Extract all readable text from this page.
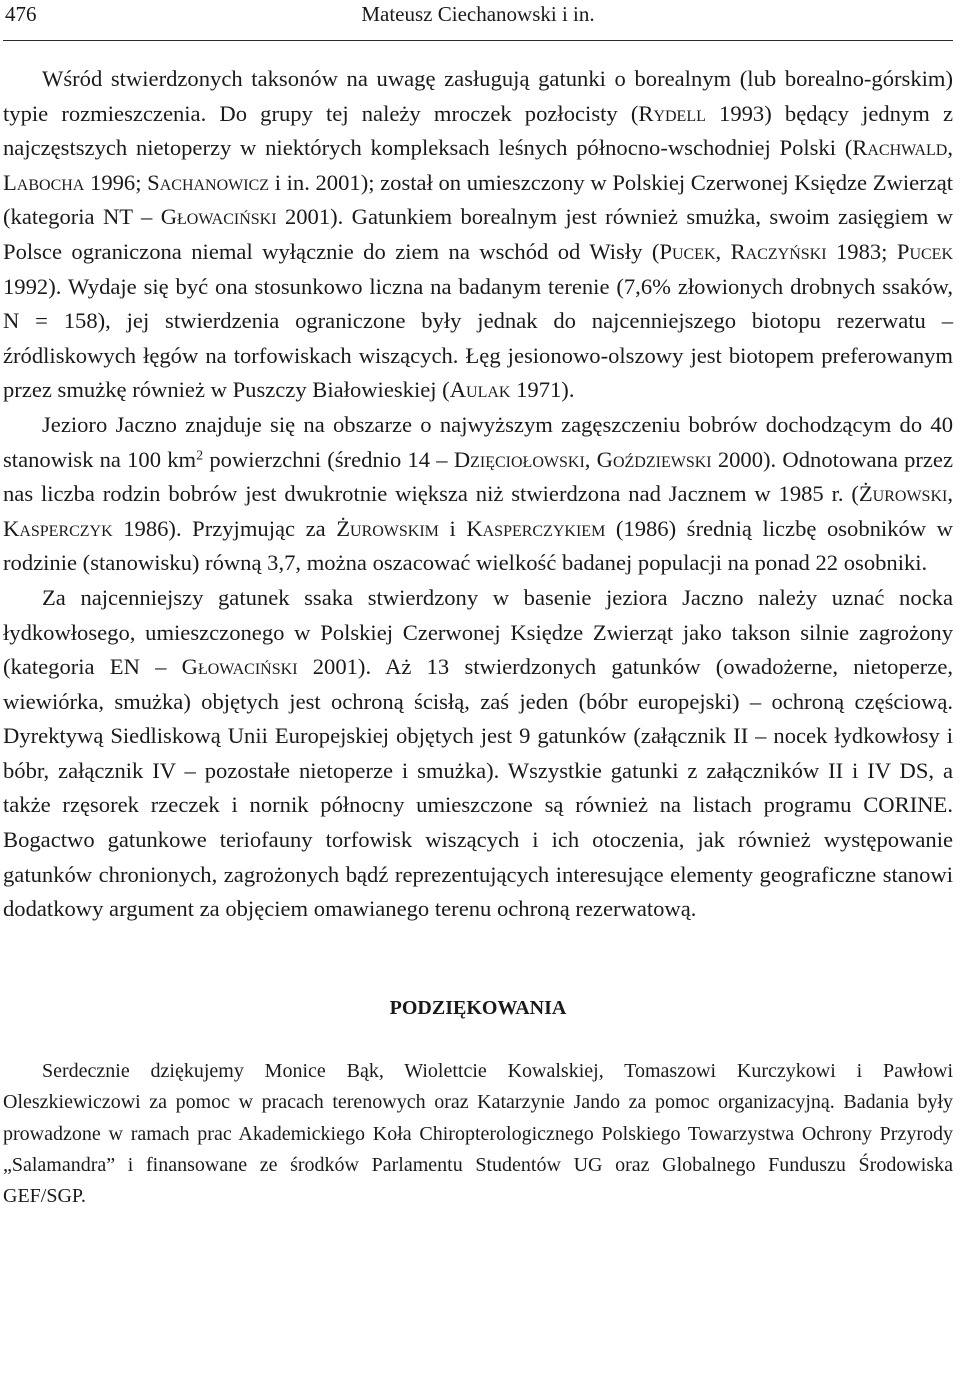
476	Mateusz Ciechanowski i in.

Wśród stwierdzonych taksonów na uwagę zasługują gatunki o borealnym (lub borealno-górskim) typie rozmieszczenia. Do grupy tej należy mroczek pozłocisty (Rydell 1993) będący jednym z najczęstszych nietoperzy w niektórych kompleksach leśnych północno-wschodniej Polski (Rachwald, Labocha 1996; Sachanowicz i in. 2001); został on umieszczony w Polskiej Czerwonej Księdze Zwierząt (kategoria NT – Głowaciński 2001). Gatunkiem borealnym jest również smużka, swoim zasięgiem w Polsce ograniczona niemal wyłącznie do ziem na wschód od Wisły (Pucek, Raczyński 1983; Pucek 1992). Wydaje się być ona stosunkowo liczna na badanym terenie (7,6% złowionych drobnych ssaków, N = 158), jej stwierdzenia ograniczone były jednak do najcenniejszego biotopu rezerwatu – źródliskowych łęgów na torfowiskach wiszących. Łęg jesionowo-olszowy jest biotopem preferowanym przez smużkę również w Puszczy Białowieskiej (Aulak 1971).

Jezioro Jaczno znajduje się na obszarze o najwyższym zagęszczeniu bobrów dochodzącym do 40 stanowisk na 100 $km^2$ powierzchni (średnio 14 – Dzięciołowski, Goździewski 2000). Odnotowana przez nas liczba rodzin bobrów jest dwukrotnie większa niż stwierdzona nad Jacznem w 1985 r. (Żurowski, Kasperczyk 1986). Przyjmując za Żurowskim i Kasperczykiem (1986) średnią liczbę osobników w rodzinie (stanowisku) równą 3,7, można oszacować wielkość badanej populacji na ponad 22 osobniki.

Za najcenniejszy gatunek ssaka stwierdzony w basenie jeziora Jaczno należy uznać nocka łydkowłosego, umieszczonego w Polskiej Czerwonej Księdze Zwierząt jako takson silnie zagrożony (kategoria EN – Głowaciński 2001). Aż 13 stwierdzonych gatunków (owadożerne, nietoperze, wiewiórka, smużka) objętych jest ochroną ścisłą, zaś jeden (bóbr europejski) – ochroną częściową. Dyrektywą Siedliskową Unii Europejskiej objętych jest 9 gatunków (załącznik II – nocek łydkowłosy i bóbr, załącznik IV – pozostałe nietoperze i smużka). Wszystkie gatunki z załączników II i IV DS, a także rzęsorek rzeczek i nornik północny umieszczone są również na listach programu CORINE. Bogactwo gatunkowe teriofauny torfowisk wiszących i ich otoczenia, jak również występowanie gatunków chronionych, zagrożonych bądź reprezentujących interesujące elementy geograficzne stanowi dodatkowy argument za objęciem omawianego terenu ochroną rezerwatową.

PODZIĘKOWANIA

Serdecznie dziękujemy Monice Bąk, Wiolettcie Kowalskiej, Tomaszowi Kurczykowi i Pawłowi Oleszkiewiczowi za pomoc w pracach terenowych oraz Katarzynie Jando za pomoc organizacyjną. Badania były prowadzone w ramach prac Akademickiego Koła Chiropterologicznego Polskiego Towarzystwa Ochrony Przyrody „Salamandra” i finansowane ze środków Parlamentu Studentów UG oraz Globalnego Funduszu Środowiska GEF/SGP.
